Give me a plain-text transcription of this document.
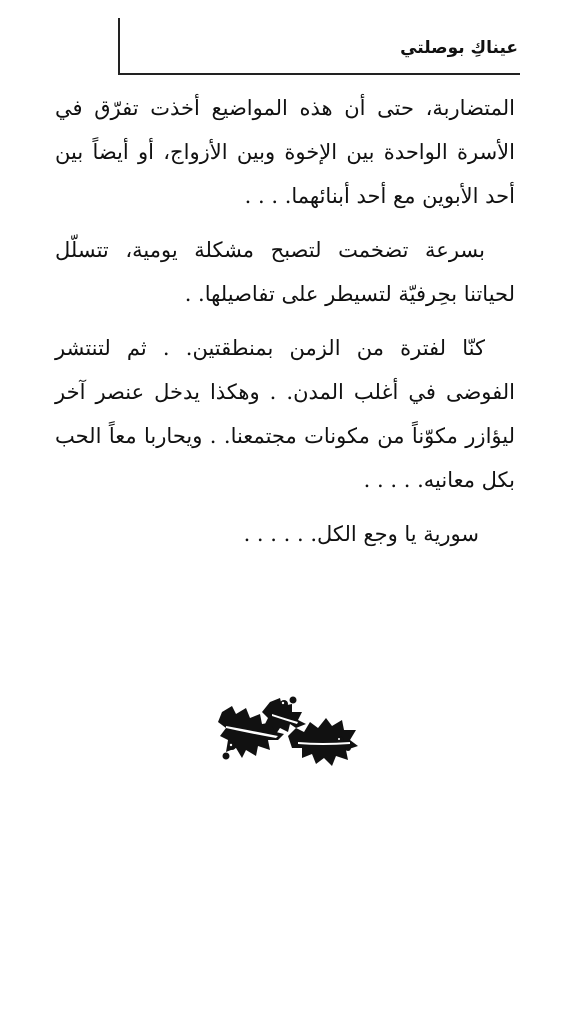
عيناكِ بوصلتي

المتضاربة، حتى أن هذه المواضيع أخذت تفرّق في الأسرة الواحدة بين الإخوة وبين الأزواج، أو أيضاً بين أحد الأبوين مع أحد أبنائهما. . . .

بسرعة تضخمت لتصبح مشكلة يومية، تتسلّل لحياتنا بحِرفيّة لتسيطر على تفاصيلها. .

كنّا لفترة من الزمن بمنطقتين. . ثم لتنتشر الفوضى في أغلب المدن. . وهكذا يدخل عنصر آخر ليؤازر مكوّناً من مكونات مجتمعنا. . ويحاربا معاً الحب بكل معانيه. . . . .

سورية يا وجع الكل. . . . . .
